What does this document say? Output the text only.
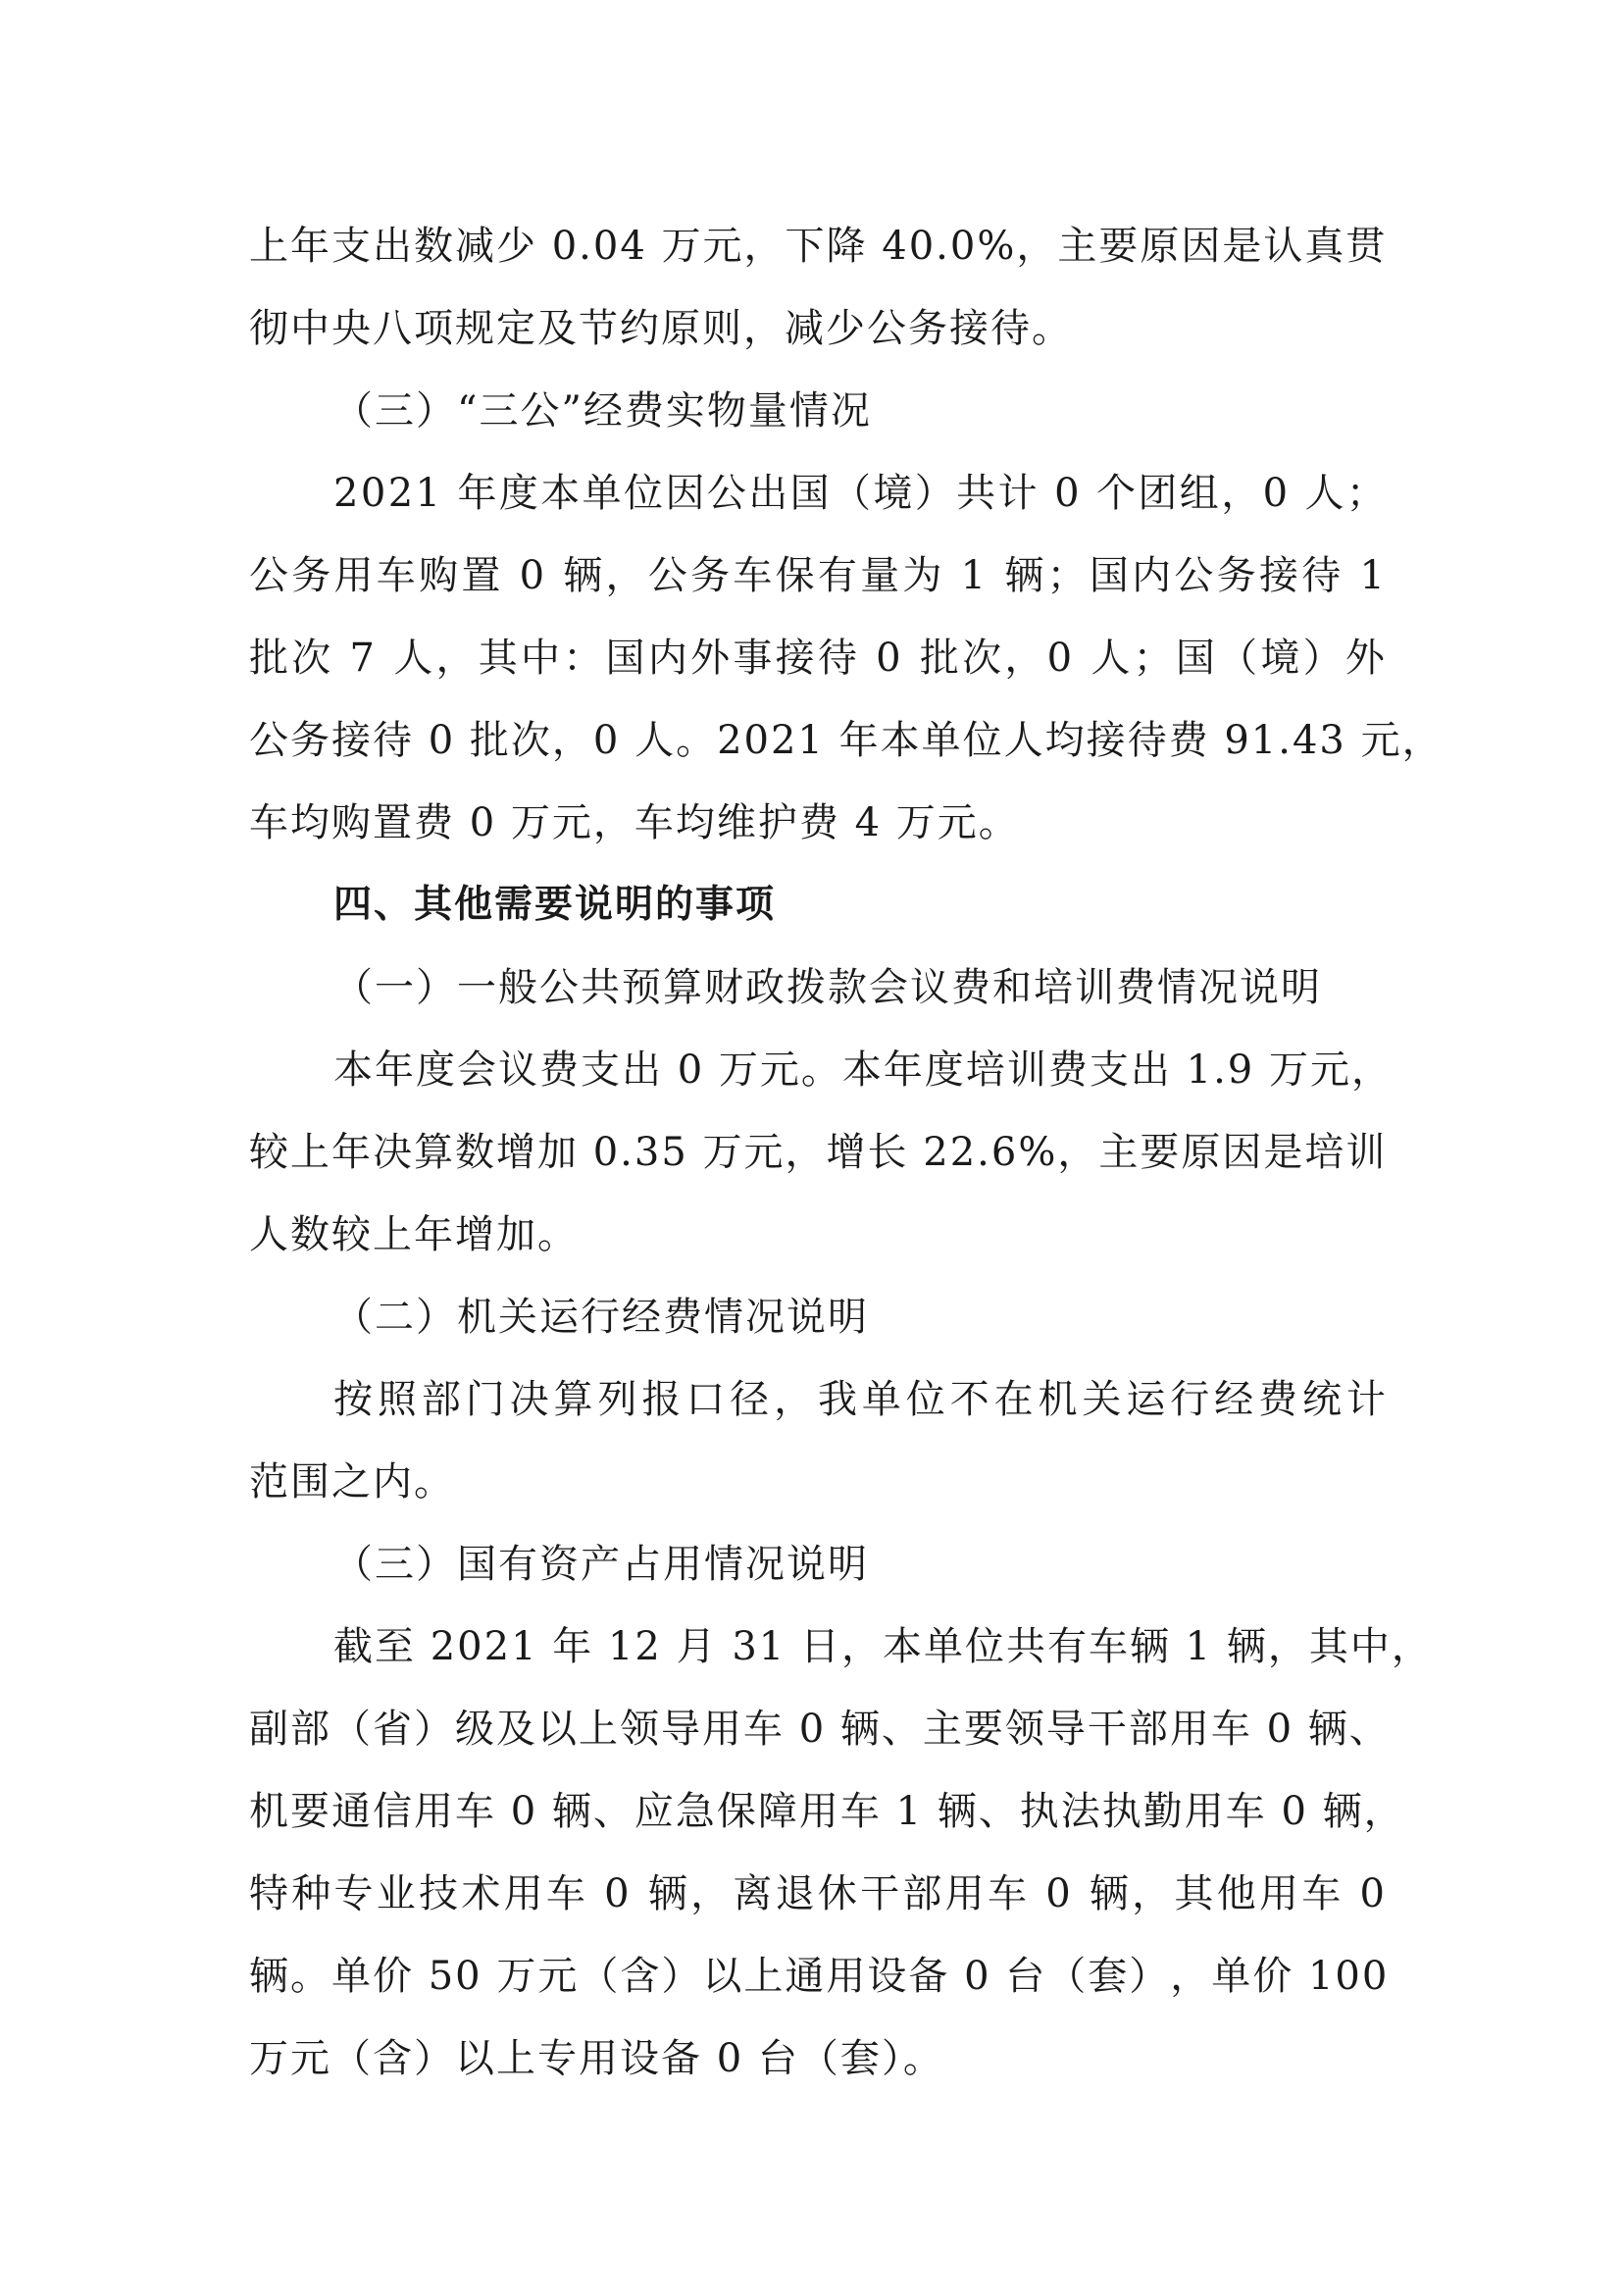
上 年 支 出 数 减 少
0 . 0 4
万 元 ， 下 降
4 0 . 0 % ， 主 要 原 因 是 认 真 贯
彻中央八项规定及节约原则，减少公务接待。
（三）“三公”经费实物量情况
2 0 2 1
年 度 本 单 位 因 公 出 国 （ 境 ） 共 计
0
个 团 组 ， 0
人 ；
公 务 用 车 购 置
0
辆 ， 公 务 车 保 有 量 为
1
辆 ； 国 内 公 务 接 待
1
批 次
7
人 ， 其 中 ： 国 内 外 事 接 待
0
批 次 ， 0
人 ； 国 （ 境 ） 外
公 务 接 待
0
批 次 ， 0
人 。 2 0 2 1
年 本 单 位 人 均 接 待 费
9 1 . 4 3
元 ，
车均购置费 0 万元，车均维护费 4 万元。
四、其他需要说明的事项
（一）一般公共预算财政拨款会议费和培训费情况说明
本 年 度 会 议 费 支 出
0
万 元 。 本 年 度 培 训 费 支 出
1 . 9
万 元 ，
较 上 年 决 算 数 增 加
0 . 3 5
万 元 ， 增 长
2 2 . 6 % ， 主 要 原 因 是 培 训
人数较上年增加。
（二）机关运行经费情况说明
按 照 部 门 决 算 列 报 口 径 ， 我 单 位 不 在 机 关 运 行 经 费 统 计
范围之内。
（三）国有资产占用情况说明
截 至
2 0 2 1
年
1 2
月
3 1
日 ， 本 单 位 共 有 车 辆
1
辆 ， 其 中 ，
副 部 （ 省 ） 级 及 以 上 领 导 用 车
0
辆 、 主 要 领 导 干 部 用 车
0
辆 、
机 要 通 信 用 车
0
辆 、 应 急 保 障 用 车
1
辆 、 执 法 执 勤 用 车
0
辆 ，
特 种 专 业 技 术 用 车
0
辆 ， 离 退 休 干 部 用 车
0
辆 ， 其 他 用 车
0
辆 。 单 价
5 0
万 元 （ 含 ） 以 上 通 用 设 备
0
台 （ 套 ） ， 单 价
1 0 0
万元（含）以上专用设备 0 台（套）。
